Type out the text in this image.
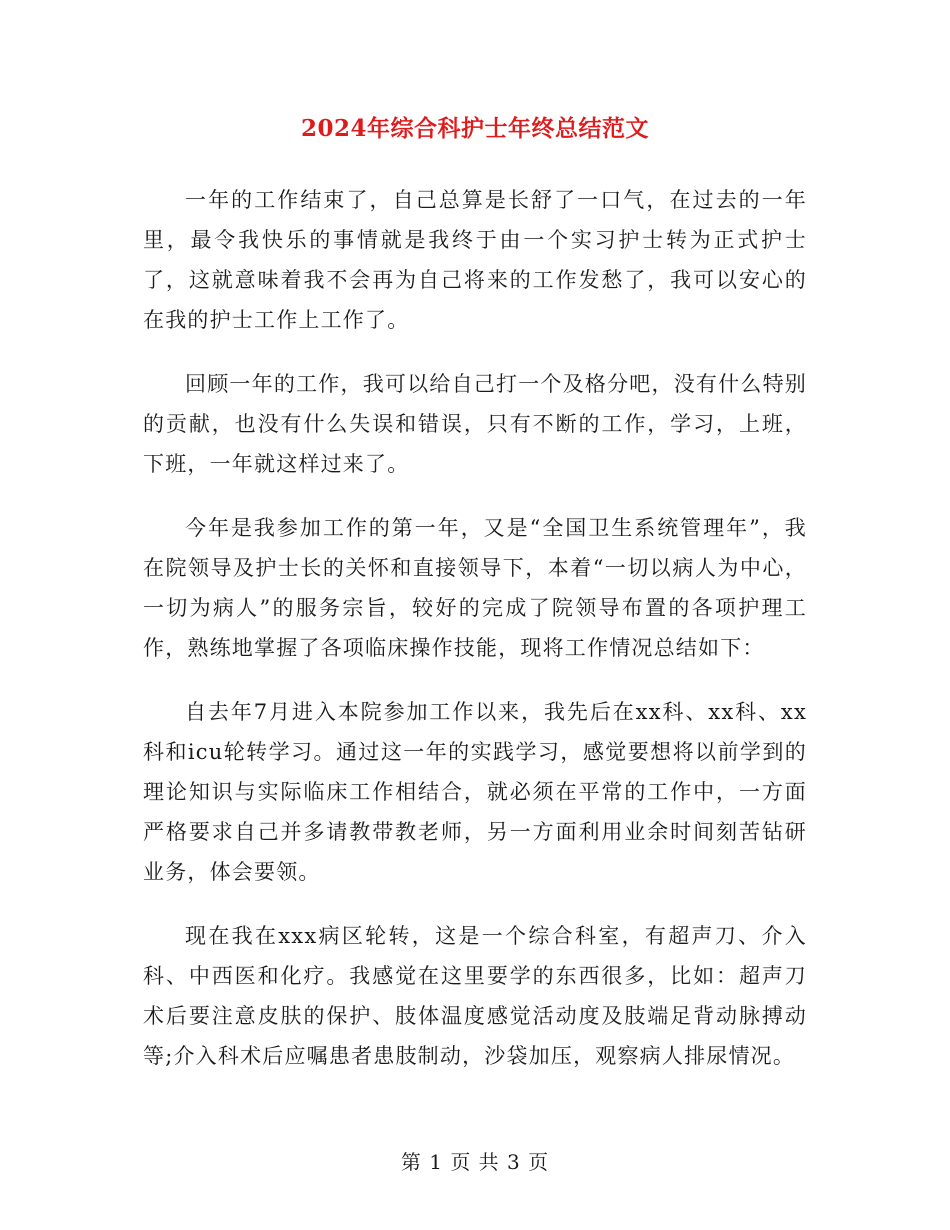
2024年综合科护士年终总结范文

一年的工作结束了，自己总算是长舒了一口气，在过去的一年里，最令我快乐的事情就是我终于由一个实习护士转为正式护士了，这就意味着我不会再为自己将来的工作发愁了，我可以安心的在我的护士工作上工作了。

回顾一年的工作，我可以给自己打一个及格分吧，没有什么特别的贡献，也没有什么失误和错误，只有不断的工作，学习，上班，下班，一年就这样过来了。

今年是我参加工作的第一年，又是“全国卫生系统管理年”，我在院领导及护士长的关怀和直接领导下，本着“一切以病人为中心，一切为病人”的服务宗旨，较好的完成了院领导布置的各项护理工作，熟练地掌握了各项临床操作技能，现将工作情况总结如下：

自去年7月进入本院参加工作以来，我先后在xx科、xx科、xx科和icu轮转学习。通过这一年的实践学习，感觉要想将以前学到的理论知识与实际临床工作相结合，就必须在平常的工作中，一方面严格要求自己并多请教带教老师，另一方面利用业余时间刻苦钻研业务，体会要领。

现在我在xxx病区轮转，这是一个综合科室，有超声刀、介入科、中西医和化疗。我感觉在这里要学的东西很多，比如：超声刀术后要注意皮肤的保护、肢体温度感觉活动度及肢端足背动脉搏动等;介入科术后应嘱患者患肢制动，沙袋加压，观察病人排尿情况。

第 1 页 共 3 页
